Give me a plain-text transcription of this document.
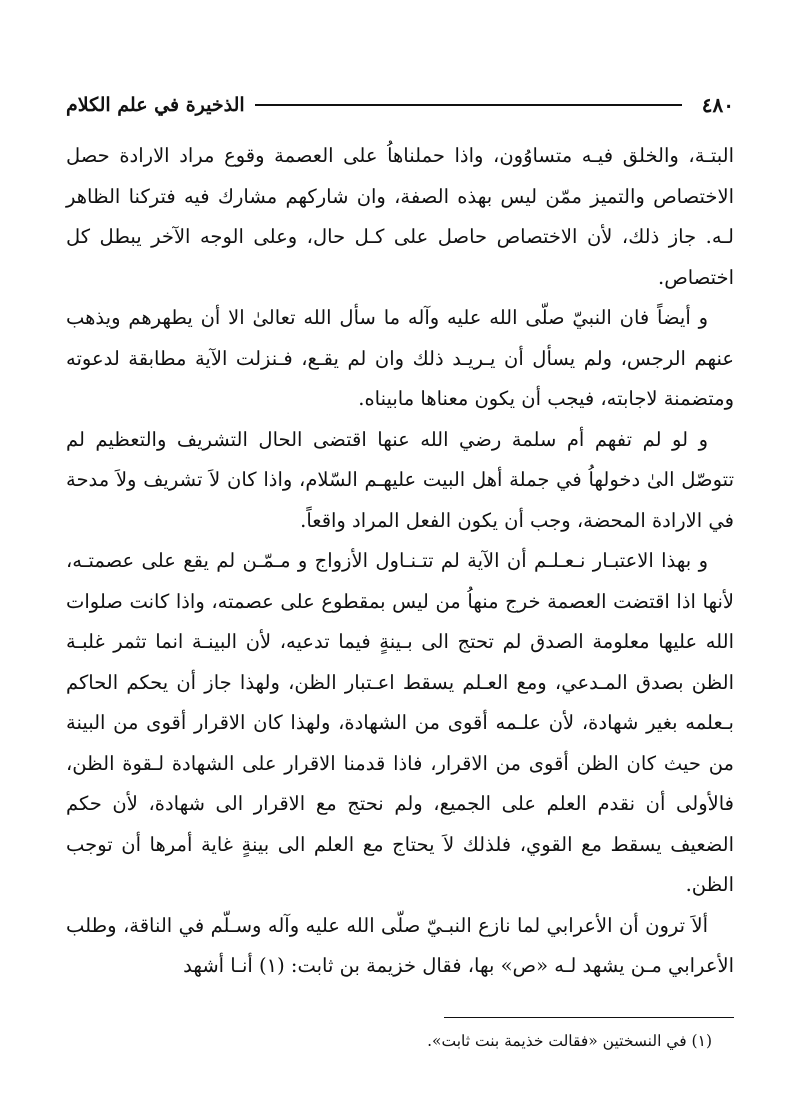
٤٨٠
الذخيرة في علم الكلام

البتـة، والخلق فيـه متساوُون، واذا حملناهاُ على العصمة وقوع مراد الارادة حصل الاختصاص والتميز ممّن ليس بهذه الصفة، وان شاركهم مشارك فيه فتركنا الظاهر لـه. جاز ذلك، لأن الاختصاص حاصل على كـل حال، وعلى الوجه الآخر يبطل كل اختصاص.

و أيضاً فان النبيّ صلّى الله عليه وآله ما سأل الله تعالىٰ الا أن يطهرهم ويذهب عنهم الرجس، ولم يسأل أن يـريـد ذلك وان لم يقـع، فـنزلت الآية مطابقة لدعوته ومتضمنة لاجابته، فيجب أن يكون معناها مابيناه.

و لو لم تفهم أم سلمة رضي الله عنها اقتضى الحال التشريف والتعظيم لم تتوصّل الىٰ دخولهاُ في جملة أهل البيت عليهـم السّلام، واذا كان لاَ تشريف ولاَ مدحة في الارادة المحضة، وجب أن يكون الفعل المراد واقعاً.

و بهذا الاعتبـار نـعـلـم أن الآية لم تتـنـاول الأزواج و مـمّـن لم يقع على عصمتـه، لأنها اذا اقتضت العصمة خرج منهاُ من ليس بمقطوع على عصمته، واذا كانت صلوات الله عليها معلومة الصدق لم تحتج الى بـينةٍ فيما تدعيه، لأن البينـة انما تثمر غلبـة الظن بصدق المـدعي، ومع العـلم يسقط اعـتبار الظن، ولهذا جاز أن يحكم الحاكم بـعلمه بغير شهادة، لأن علـمه أقوى من الشهادة، ولهذا كان الاقرار أقوى من البينة من حيث كان الظن أقوى من الاقرار، فاذا قدمنا الاقرار على الشهادة لـقوة الظن، فالأولى أن نقدم العلم على الجميع، ولم نحتج مع الاقرار الى شهادة، لأن حكم الضعيف يسقط مع القوي، فلذلك لاَ يحتاج مع العلم الى بينةٍ غاية أمرها أن توجب الظن.

ألاَ ترون أن الأعرابي لما نازع النبـيّ صلّى الله عليه وآله وسـلّم في الناقة، وطلب الأعرابي مـن يشهد لـه «ص» بها، فقال خزيمة بن ثابت: (١) أنـا أشهد

(١) في النسختين «فقالت خذيمة بنت ثابت».
